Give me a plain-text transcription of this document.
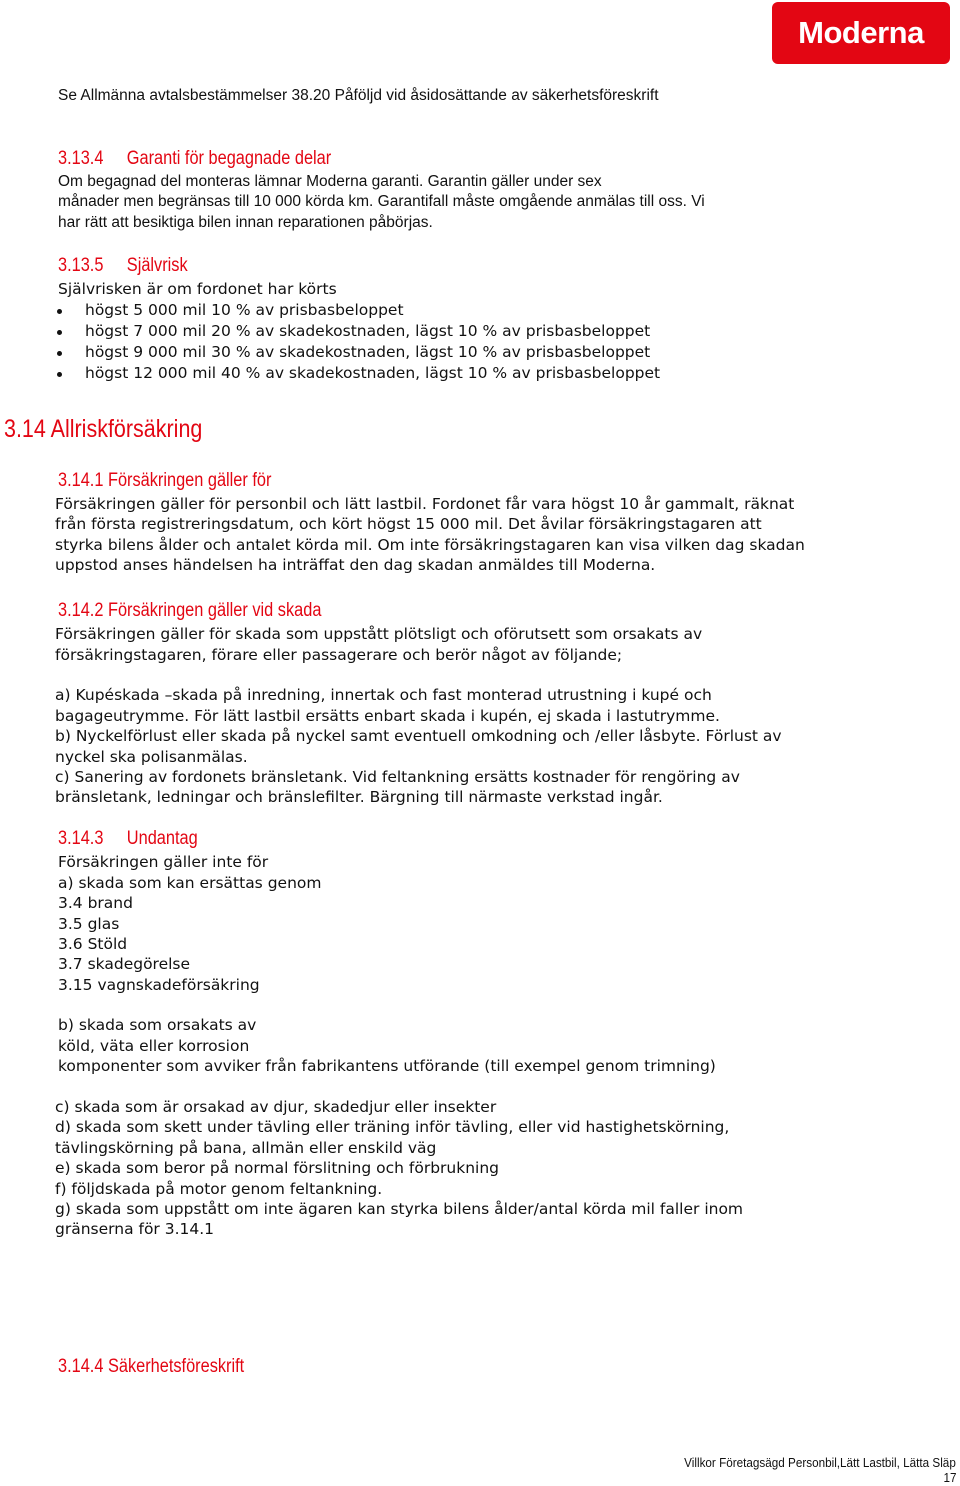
Moderna
Se Allmänna avtalsbestämmelser 38.20 Påföljd vid åsidosättande av säkerhetsföreskrift
3.13.4 Garanti för begagnade delar
Om begagnad del monteras lämnar Moderna garanti. Garantin gäller under sex
månader men begränsas till 10 000 körda km. Garantifall måste omgående anmälas till oss. Vi
har rätt att besiktiga bilen innan reparationen påbörjas.
3.13.5 Självrisk
Självrisken är om fordonet har körts
högst 5 000 mil 10 % av prisbasbeloppet
högst 7 000 mil 20 % av skadekostnaden, lägst 10 % av prisbasbeloppet
högst 9 000 mil 30 % av skadekostnaden, lägst 10 % av prisbasbeloppet
högst 12 000 mil 40 % av skadekostnaden, lägst 10 % av prisbasbeloppet
3.14 Allriskförsäkring
3.14.1 Försäkringen gäller för
Försäkringen gäller för personbil och lätt lastbil. Fordonet får vara högst 10 år gammalt, räknat
från första registreringsdatum, och kört högst 15 000 mil. Det åvilar försäkringstagaren att
styrka bilens ålder och antalet körda mil. Om inte försäkringstagaren kan visa vilken dag skadan
uppstod anses händelsen ha inträffat den dag skadan anmäldes till Moderna.
3.14.2 Försäkringen gäller vid skada
Försäkringen gäller för skada som uppstått plötsligt och oförutsett som orsakats av
försäkringstagaren, förare eller passagerare och berör något av följande;
a) Kupéskada –skada på inredning, innertak och fast monterad utrustning i kupé och
bagageutrymme. För lätt lastbil ersätts enbart skada i kupén, ej skada i lastutrymme.
b) Nyckelförlust eller skada på nyckel samt eventuell omkodning och /eller låsbyte. Förlust av
nyckel ska polisanmälas.
c) Sanering av fordonets bränsletank. Vid feltankning ersätts kostnader för rengöring av
bränsletank, ledningar och bränslefilter. Bärgning till närmaste verkstad ingår.
3.14.3 Undantag
Försäkringen gäller inte för
a) skada som kan ersättas genom
3.4 brand
3.5 glas
3.6 Stöld
3.7 skadegörelse
3.15 vagnskadeförsäkring
b) skada som orsakats av
köld, väta eller korrosion
komponenter som avviker från fabrikantens utförande (till exempel genom trimning)
c) skada som är orsakad av djur, skadedjur eller insekter
d) skada som skett under tävling eller träning inför tävling, eller vid hastighetskörning,
tävlingskörning på bana, allmän eller enskild väg
e) skada som beror på normal förslitning och förbrukning
f) följdskada på motor genom feltankning.
g) skada som uppstått om inte ägaren kan styrka bilens ålder/antal körda mil faller inom
gränserna för 3.14.1
3.14.4 Säkerhetsföreskrift
Villkor Företagsägd Personbil,Lätt Lastbil, Lätta Släp
17
